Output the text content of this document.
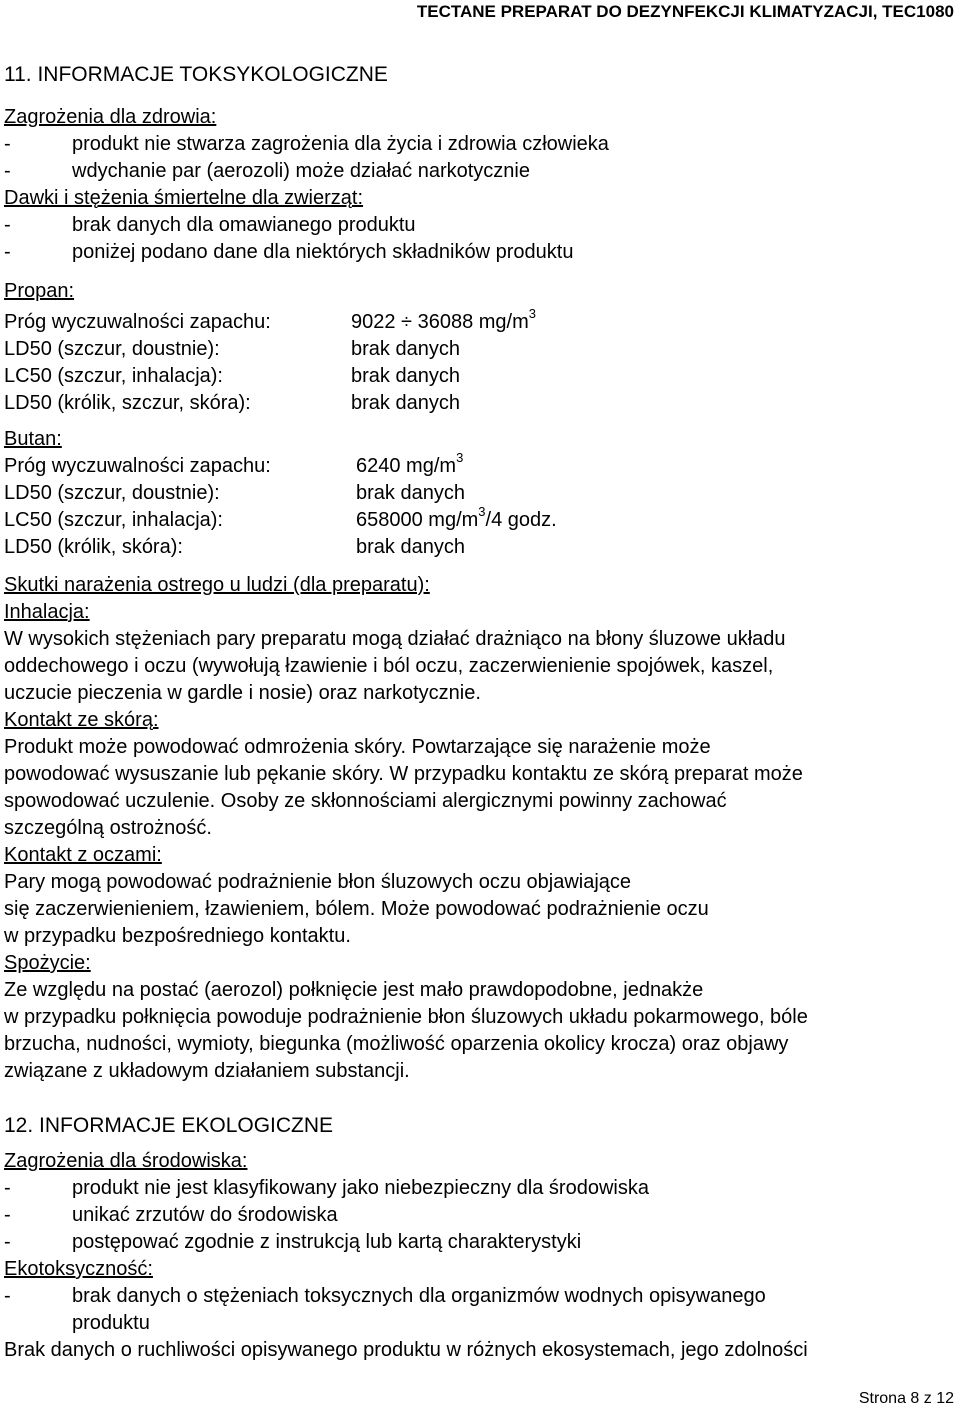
TECTANE PREPARAT DO DEZYNFEKCJI KLIMATYZACJI, TEC1080
11. INFORMACJE TOKSYKOLOGICZNE
Zagrożenia dla zdrowia:
-	produkt nie stwarza zagrożenia dla życia i zdrowia człowieka
-	wdychanie par (aerozoli) może działać narkotycznie
Dawki i stężenia śmiertelne dla zwierząt:
-	brak danych dla omawianego produktu
-	poniżej podano dane dla niektórych składników produktu
Propan:
Próg wyczuwalności zapachu:	9022 ÷ 36088 $mg/m^3$
LD50 (szczur, doustnie):	brak danych
LC50 (szczur, inhalacja):	brak danych
LD50 (królik, szczur, skóra):	brak danych
Butan:
Próg wyczuwalności zapachu:	6240 $mg/m^3$
LD50 (szczur, doustnie):	brak danych
LC50 (szczur, inhalacja):	658000 $mg/m^3/4$ godz.
LD50 (królik, skóra):	brak danych
Skutki narażenia ostrego u ludzi (dla preparatu):
Inhalacja:
W wysokich stężeniach pary preparatu mogą działać drażniąco na błony śluzowe układu
oddechowego i oczu (wywołują łzawienie i ból oczu, zaczerwienienie spojówek, kaszel,
uczucie pieczenia w gardle i nosie) oraz narkotycznie.
Kontakt ze skórą:
Produkt może powodować odmrożenia skóry. Powtarzające się narażenie może
powodować wysuszanie lub pękanie skóry. W przypadku kontaktu ze skórą preparat może
spowodować uczulenie. Osoby ze skłonnościami alergicznymi powinny zachować
szczególną ostrożność.
Kontakt z oczami:
Pary mogą powodować podrażnienie błon śluzowych oczu objawiające
się zaczerwienieniem, łzawieniem, bólem. Może powodować podrażnienie oczu
w przypadku bezpośredniego kontaktu.
Spożycie:
Ze względu na postać (aerozol) połknięcie jest mało prawdopodobne, jednakże
w przypadku połknięcia powoduje podrażnienie błon śluzowych układu pokarmowego, bóle
brzucha, nudności, wymioty, biegunka (możliwość oparzenia okolicy krocza) oraz objawy
związane z układowym działaniem substancji.
12. INFORMACJE EKOLOGICZNE
Zagrożenia dla środowiska:
-	produkt nie jest klasyfikowany jako niebezpieczny dla środowiska
-	unikać zrzutów do środowiska
-	postępować zgodnie z instrukcją lub kartą charakterystyki
Ekotoksyczność:
-	brak danych o stężeniach toksycznych dla organizmów wodnych opisywanego
produktu
Brak danych o ruchliwości opisywanego produktu w różnych ekosystemach, jego zdolności
Strona 8 z 12
